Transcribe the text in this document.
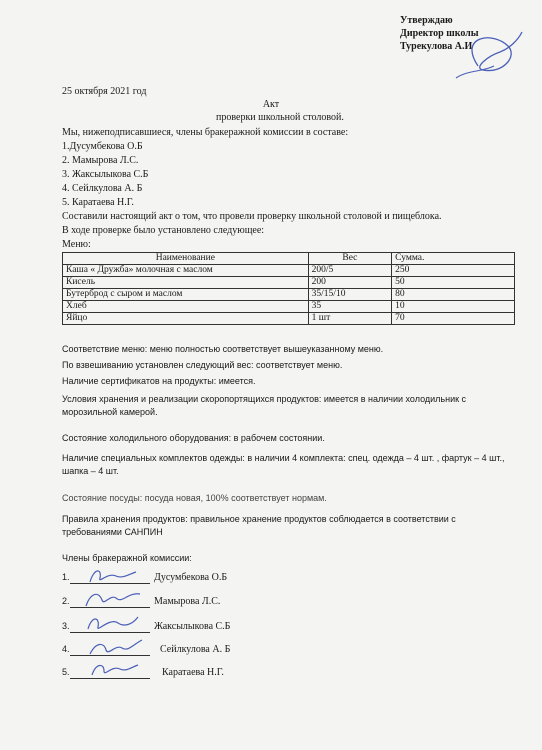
Утверждаю
Директор школы
Турекулова А.И
25 октября 2021 год
Акт
проверки школьной столовой.
Мы, нижеподписавшиеся, члены бракеражной комиссии в составе:
1.Дусумбекова О.Б
2. Мамырова Л.С.
3. Жаксылыкова С.Б
4. Сейлкулова А. Б
5. Каратаева Н.Г.
Составили настоящий акт о том, что провели проверку школьной столовой и пищеблока.
В ходе проверке было установлено следующее:
Меню:
Наименование	Вес	Сумма.
Каша « Дружба» молочная с маслом	200/5	250
Кисель	200	50
Бутерброд с сыром и маслом	35/15/10	80
Хлеб	35	10
Яйцо	1 шт	70
Соответствие меню: меню полностью соответствует вышеуказанному меню.
По взвешиванию установлен следующий вес: соответствует меню.
Наличие сертификатов на продукты: имеется.
Условия хранения и реализации скоропортящихся продуктов: имеется в наличии холодильник с морозильной камерой.
Состояние холодильного оборудования: в рабочем состоянии.
Наличие специальных комплектов одежды: в наличии 4 комплекта: спец. одежда – 4 шт. , фартук – 4 шт., шапка – 4 шт.
Состояние посуды: посуда новая, 100% соответствует нормам.
Правила хранения продуктов: правильное хранение продуктов соблюдается в соответствии с требованиями САНПИН
Члены бракеражной комиссии:
1.	Дусумбекова О.Б
2.	Мамырова Л.С.
3.	Жаксылыкова С.Б
4.	Сейлкулова А. Б
5.	Каратаева Н.Г.
